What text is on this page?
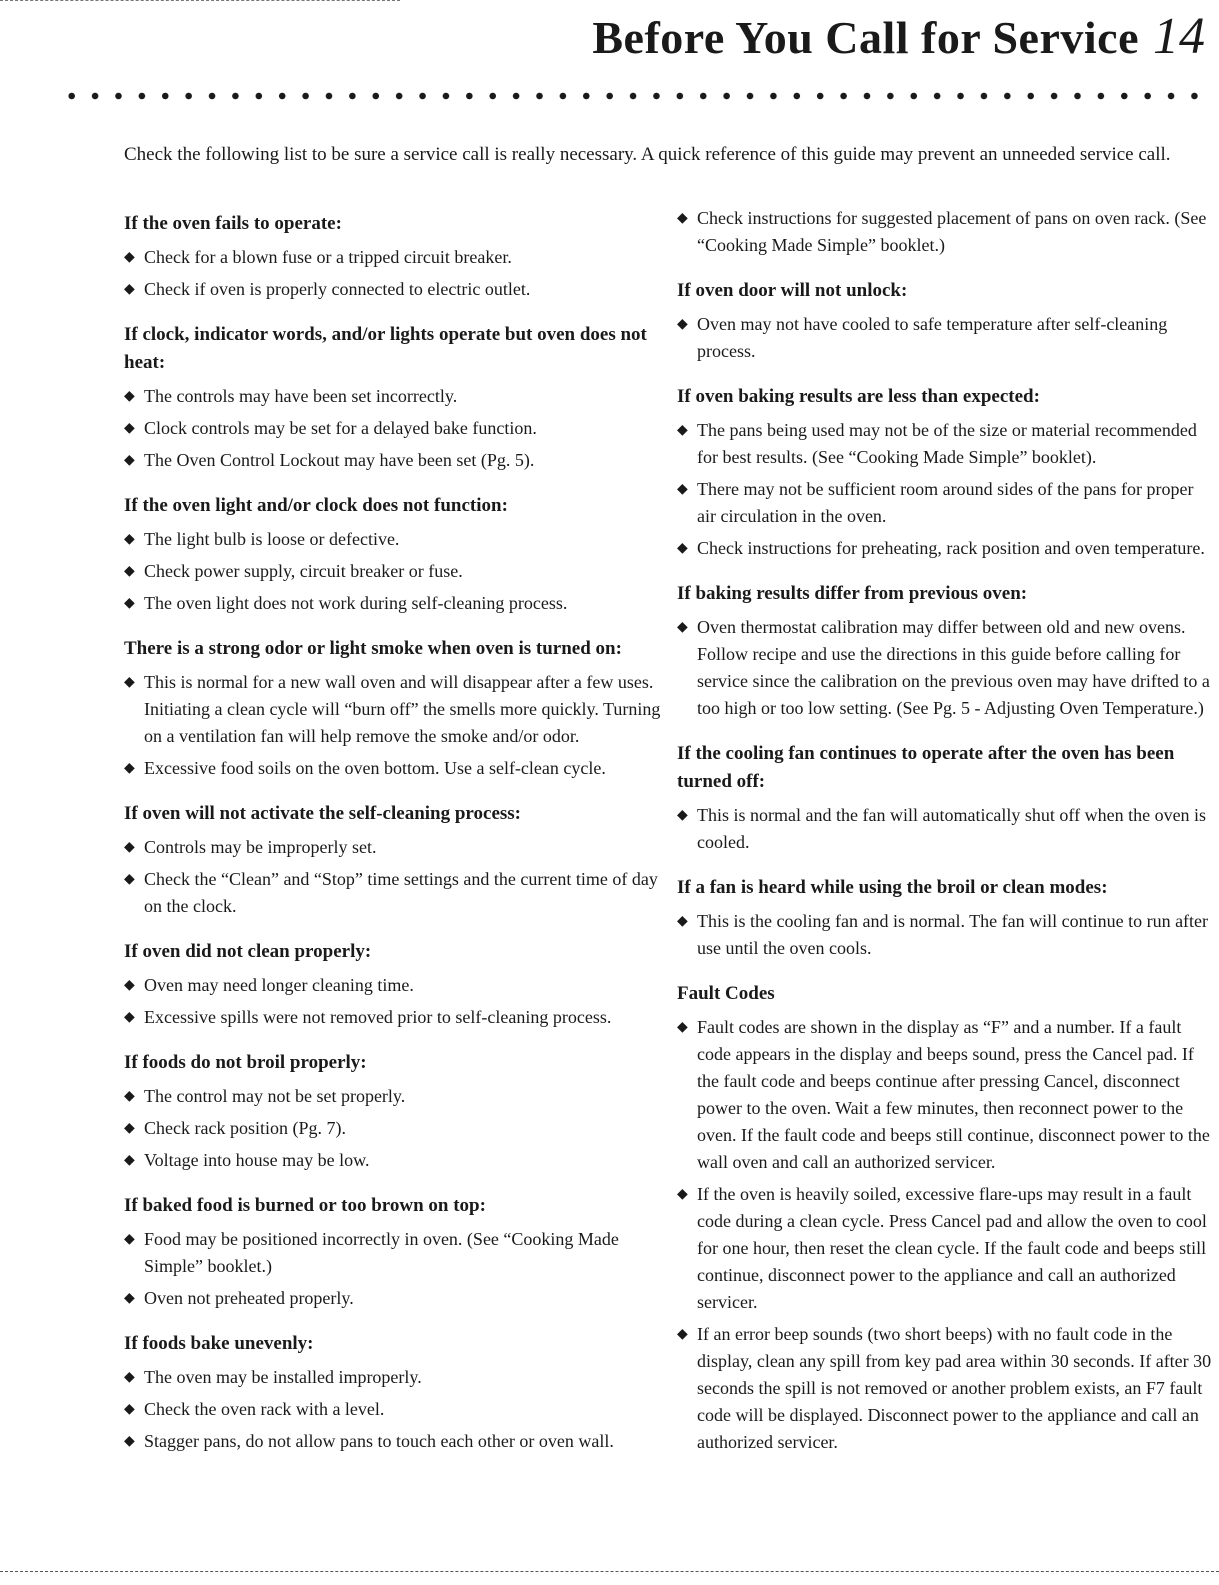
Before You Call for Service 14

Check the following list to be sure a service call is really necessary. A quick reference of this guide may prevent an unneeded service call.

If the oven fails to operate:
◆ Check for a blown fuse or a tripped circuit breaker.
◆ Check if oven is properly connected to electric outlet.
If clock, indicator words, and/or lights operate but oven does not heat:
◆ The controls may have been set incorrectly.
◆ Clock controls may be set for a delayed bake function.
◆ The Oven Control Lockout may have been set (Pg. 5).
If the oven light and/or clock does not function:
◆ The light bulb is loose or defective.
◆ Check power supply, circuit breaker or fuse.
◆ The oven light does not work during self-cleaning process.
There is a strong odor or light smoke when oven is turned on:
◆ This is normal for a new wall oven and will disappear after a few uses. Initiating a clean cycle will “burn off” the smells more quickly. Turning on a ventilation fan will help remove the smoke and/or odor.
◆ Excessive food soils on the oven bottom. Use a self-clean cycle.
If oven will not activate the self-cleaning process:
◆ Controls may be improperly set.
◆ Check the “Clean” and “Stop” time settings and the current time of day on the clock.
If oven did not clean properly:
◆ Oven may need longer cleaning time.
◆ Excessive spills were not removed prior to self-cleaning process.
If foods do not broil properly:
◆ The control may not be set properly.
◆ Check rack position (Pg. 7).
◆ Voltage into house may be low.
If baked food is burned or too brown on top:
◆ Food may be positioned incorrectly in oven. (See “Cooking Made Simple” booklet.)
◆ Oven not preheated properly.
If foods bake unevenly:
◆ The oven may be installed improperly.
◆ Check the oven rack with a level.
◆ Stagger pans, do not allow pans to touch each other or oven wall.
◆ Check instructions for suggested placement of pans on oven rack. (See “Cooking Made Simple” booklet.)
If oven door will not unlock:
◆ Oven may not have cooled to safe temperature after self-cleaning process.
If oven baking results are less than expected:
◆ The pans being used may not be of the size or material recommended for best results. (See “Cooking Made Simple” booklet).
◆ There may not be sufficient room around sides of the pans for proper air circulation in the oven.
◆ Check instructions for preheating, rack position and oven temperature.
If baking results differ from previous oven:
◆ Oven thermostat calibration may differ between old and new ovens. Follow recipe and use the directions in this guide before calling for service since the calibration on the previous oven may have drifted to a too high or too low setting. (See Pg. 5 - Adjusting Oven Temperature.)
If the cooling fan continues to operate after the oven has been turned off:
◆ This is normal and the fan will automatically shut off when the oven is cooled.
If a fan is heard while using the broil or clean modes:
◆ This is the cooling fan and is normal. The fan will continue to run after use until the oven cools.
Fault Codes
◆ Fault codes are shown in the display as “F” and a number. If a fault code appears in the display and beeps sound, press the Cancel pad. If the fault code and beeps continue after pressing Cancel, disconnect power to the oven. Wait a few minutes, then reconnect power to the oven. If the fault code and beeps still continue, disconnect power to the wall oven and call an authorized servicer.
◆ If the oven is heavily soiled, excessive flare-ups may result in a fault code during a clean cycle. Press Cancel pad and allow the oven to cool for one hour, then reset the clean cycle. If the fault code and beeps still continue, disconnect power to the appliance and call an authorized servicer.
◆ If an error beep sounds (two short beeps) with no fault code in the display, clean any spill from key pad area within 30 seconds. If after 30 seconds the spill is not removed or another problem exists, an F7 fault code will be displayed. Disconnect power to the appliance and call an authorized servicer.
